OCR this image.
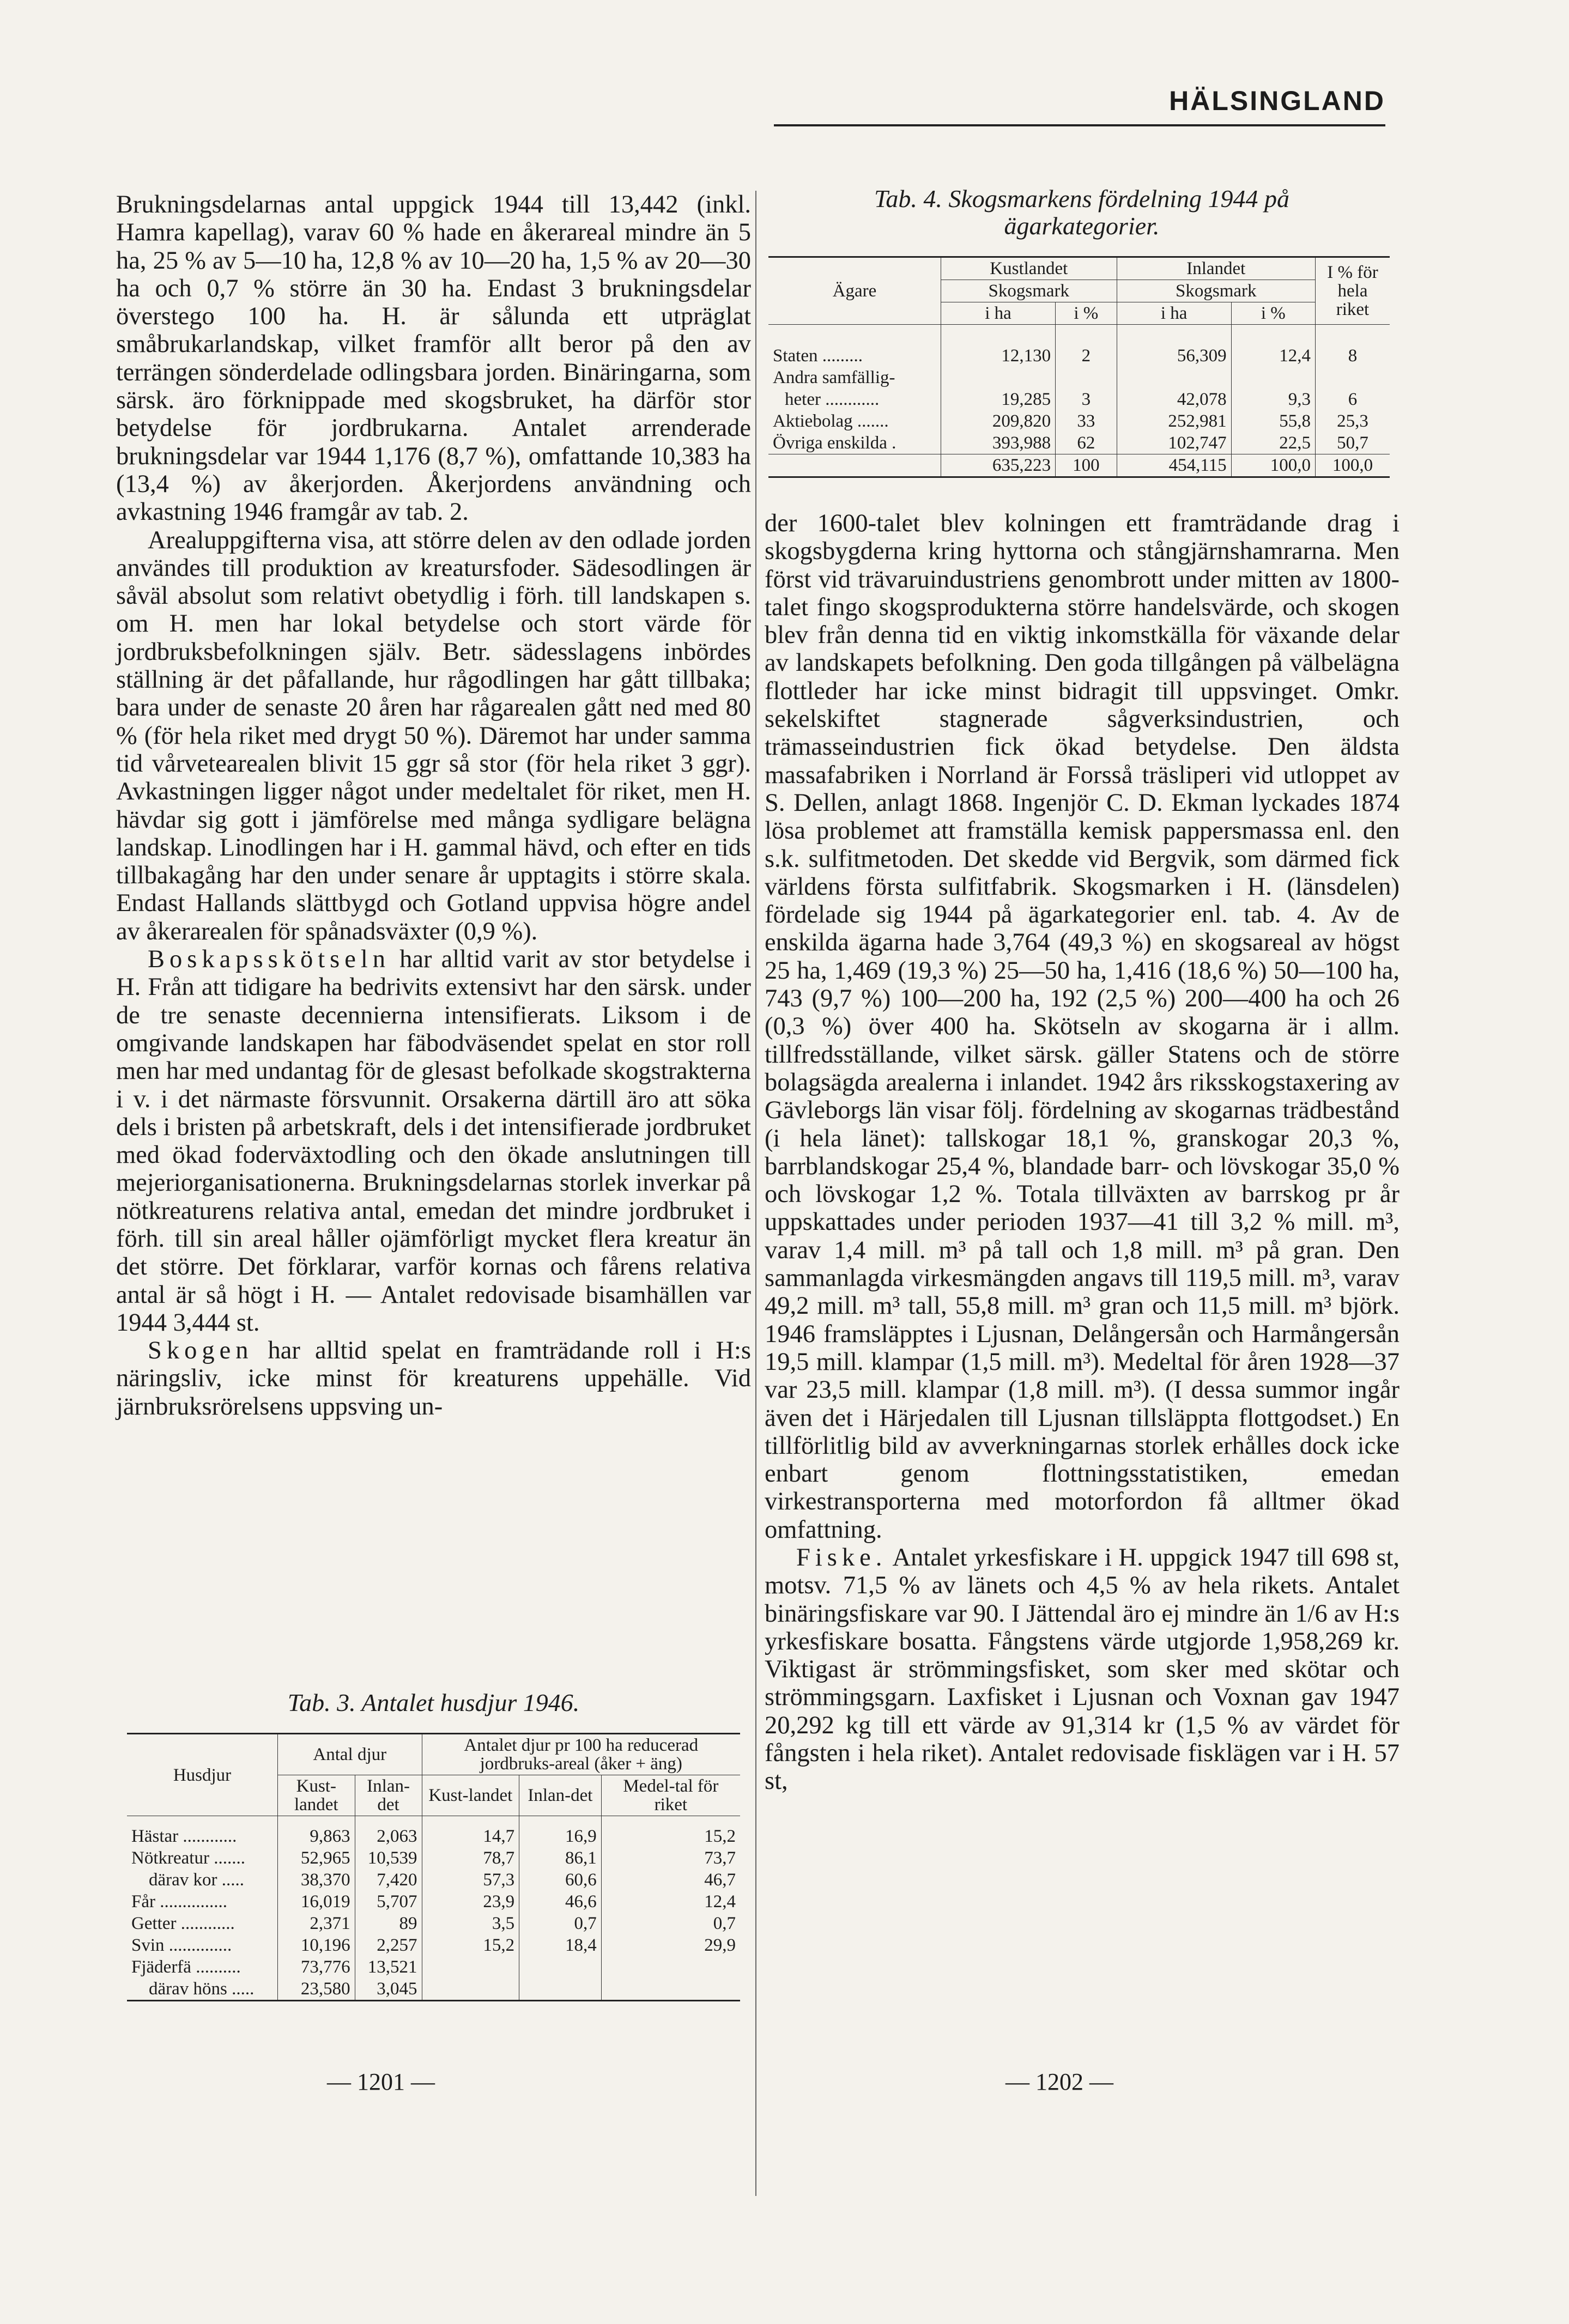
HÄLSINGLAND

Brukningsdelarnas antal uppgick 1944 till 13,442 (inkl. Hamra kapellag), varav 60 % hade en åkerareal mindre än 5 ha, 25 % av 5—10 ha, 12,8 % av 10—20 ha, 1,5 % av 20—30 ha och 0,7 % större än 30 ha. Endast 3 brukningsdelar överstego 100 ha. H. är sålunda ett utpräglat småbrukarlandskap, vilket framför allt beror på den av terrängen sönderdelade odlingsbara jorden. Binäringarna, som särsk. äro förknippade med skogsbruket, ha därför stor betydelse för jordbrukarna. Antalet arrenderade brukningsdelar var 1944 1,176 (8,7 %), omfattande 10,383 ha (13,4 %) av åkerjorden. Åkerjordens användning och avkastning 1946 framgår av tab. 2.

Arealuppgifterna visa, att större delen av den odlade jorden användes till produktion av kreatursfoder. Sädesodlingen är såväl absolut som relativt obetydlig i förh. till landskapen s. om H. men har lokal betydelse och stort värde för jordbruksbefolkningen själv. Betr. sädesslagens inbördes ställning är det påfallande, hur rågodlingen har gått tillbaka; bara under de senaste 20 åren har rågarealen gått ned med 80 % (för hela riket med drygt 50 %). Däremot har under samma tid vårvetearealen blivit 15 ggr så stor (för hela riket 3 ggr). Avkastningen ligger något under medeltalet för riket, men H. hävdar sig gott i jämförelse med många sydligare belägna landskap. Linodlingen har i H. gammal hävd, och efter en tids tillbakagång har den under senare år upptagits i större skala. Endast Hallands slättbygd och Gotland uppvisa högre andel av åkerarealen för spånadsväxter (0,9 %).

Boskapsskötseln har alltid varit av stor betydelse i H. Från att tidigare ha bedrivits extensivt har den särsk. under de tre senaste decennierna intensifierats. Liksom i de omgivande landskapen har fäbodväsendet spelat en stor roll men har med undantag för de glesast befolkade skogstrakterna i v. i det närmaste försvunnit. Orsakerna därtill äro att söka dels i bristen på arbetskraft, dels i det intensifierade jordbruket med ökad foderväxtodling och den ökade anslutningen till mejeriorganisationerna. Brukningsdelarnas storlek inverkar på nötkreaturens relativa antal, emedan det mindre jordbruket i förh. till sin areal håller ojämförligt mycket flera kreatur än det större. Det förklarar, varför kornas och fårens relativa antal är så högt i H. — Antalet redovisade bisamhällen var 1944 3,444 st.

Skogen har alltid spelat en framträdande roll i H:s näringsliv, icke minst för kreaturens uppehälle. Vid järnbruksrörelsens uppsving un-

Tab. 3. Antalet husdjur 1946.
Husdjur	Antal djur		Antalet djur pr 100 ha reducerad jordbruks-areal (åker + äng)		
	Kust-landet	Inlan-det	Kust-landet	Inlan-det	Medel-tal för riket
Hästar ............	9,863	2,063	14,7	16,9	15,2
Nötkreatur .......	52,965	10,539	78,7	86,1	73,7
därav kor .....	38,370	7,420	57,3	60,6	46,7
Får ...............	16,019	5,707	23,9	46,6	12,4
Getter ............	2,371	89	3,5	0,7	0,7
Svin ..............	10,196	2,257	15,2	18,4	29,9
Fjäderfä ..........	73,776	13,521			
därav höns .....	23,580	3,045			
Tab. 4. Skogsmarkens fördelning 1944 på ägarkategorier.
Ägare	Kustlandet		Inlandet		I % för hela riket
	Skogsmark		Skogsmark		
	i ha	i %	i ha	i %	
Staten .........	12,130	2	56,309	12,4	8
Andra samfällig-					
heter ............	19,285	3	42,078	9,3	6
Aktiebolag .......	209,820	33	252,981	55,8	25,3
Övriga enskilda .	393,988	62	102,747	22,5	50,7
	635,223	100	454,115	100,0	100,0

der 1600-talet blev kolningen ett framträdande drag i skogsbygderna kring hyttorna och stångjärnshamrarna. Men först vid trävaruindustriens genombrott under mitten av 1800-talet fingo skogsprodukterna större handelsvärde, och skogen blev från denna tid en viktig inkomstkälla för växande delar av landskapets befolkning. Den goda tillgången på välbelägna flottleder har icke minst bidragit till uppsvinget. Omkr. sekelskiftet stagnerade sågverksindustrien, och trämasseindustrien fick ökad betydelse. Den äldsta massafabriken i Norrland är Forsså träsliperi vid utloppet av S. Dellen, anlagt 1868. Ingenjör C. D. Ekman lyckades 1874 lösa problemet att framställa kemisk pappersmassa enl. den s.k. sulfitmetoden. Det skedde vid Bergvik, som därmed fick världens första sulfitfabrik. Skogsmarken i H. (länsdelen) fördelade sig 1944 på ägarkategorier enl. tab. 4. Av de enskilda ägarna hade 3,764 (49,3 %) en skogsareal av högst 25 ha, 1,469 (19,3 %) 25—50 ha, 1,416 (18,6 %) 50—100 ha, 743 (9,7 %) 100—200 ha, 192 (2,5 %) 200—400 ha och 26 (0,3 %) över 400 ha. Skötseln av skogarna är i allm. tillfredsställande, vilket särsk. gäller Statens och de större bolagsägda arealerna i inlandet. 1942 års riksskogstaxering av Gävleborgs län visar följ. fördelning av skogarnas trädbestånd (i hela länet): tallskogar 18,1 %, granskogar 20,3 %, barrblandskogar 25,4 %, blandade barr- och lövskogar 35,0 % och lövskogar 1,2 %. Totala tillväxten av barrskog pr år uppskattades under perioden 1937—41 till 3,2 % mill. m³, varav 1,4 mill. m³ på tall och 1,8 mill. m³ på gran. Den sammanlagda virkesmängden angavs till 119,5 mill. m³, varav 49,2 mill. m³ tall, 55,8 mill. m³ gran och 11,5 mill. m³ björk. 1946 framsläpptes i Ljusnan, Delångersån och Harmångersån 19,5 mill. klampar (1,5 mill. m³). Medeltal för åren 1928—37 var 23,5 mill. klampar (1,8 mill. m³). (I dessa summor ingår även det i Härjedalen till Ljusnan tillsläppta flottgodset.) En tillförlitlig bild av avverkningarnas storlek erhålles dock icke enbart genom flottningsstatistiken, emedan virkestransporterna med motorfordon få alltmer ökad omfattning.

Fiske. Antalet yrkesfiskare i H. uppgick 1947 till 698 st, motsv. 71,5 % av länets och 4,5 % av hela rikets. Antalet binäringsfiskare var 90. I Jättendal äro ej mindre än 1/6 av H:s yrkesfiskare bosatta. Fångstens värde utgjorde 1,958,269 kr. Viktigast är strömmingsfisket, som sker med skötar och strömmingsgarn. Laxfisket i Ljusnan och Voxnan gav 1947 20,292 kg till ett värde av 91,314 kr (1,5 % av värdet för fångsten i hela riket). Antalet redovisade fisklägen var i H. 57 st,

— 1201 —	— 1202 —
